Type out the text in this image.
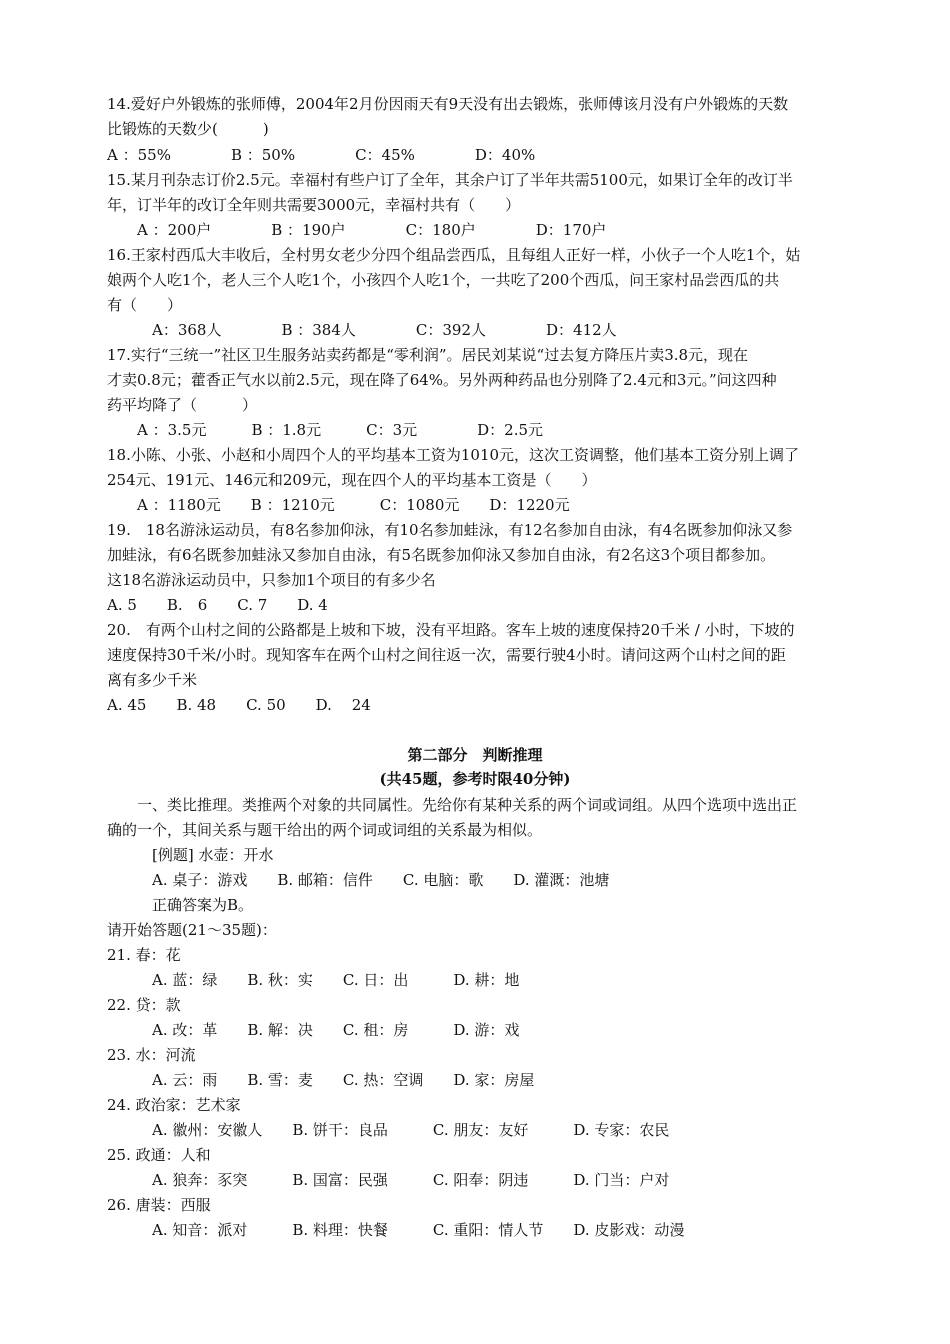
14.爱好户外锻炼的张师傅，2004年2月份因雨天有9天没有出去锻炼，张师傅该月没有户外锻炼的天数
比锻炼的天数少(　　　)
A ：55%　　　　B ：50%　　　　C：45%　　　　D：40%
15.某月刊杂志订价2.5元。幸福村有些户订了全年，其余户订了半年共需5100元，如果订全年的改订半
年，订半年的改订全年则共需要3000元，幸福村共有（　　）
　　A ：200户　　　　B ：190户　　　　C：180户　　　　D：170户
16.王家村西瓜大丰收后，全村男女老少分四个组品尝西瓜，且每组人正好一样，小伙子一个人吃1个，姑
娘两个人吃1个，老人三个人吃1个，小孩四个人吃1个，一共吃了200个西瓜，问王家村品尝西瓜的共
有（　　）
　　　A：368人　　　　B ：384人　　　　C：392人　　　　D：412人
17.实行“三统一”社区卫生服务站卖药都是“零利润”。居民刘某说“过去复方降压片卖3.8元，现在
才卖0.8元；藿香正气水以前2.5元，现在降了64%。另外两种药品也分别降了2.4元和3元。”问这四种
药平均降了（　　　）
　　A ：3.5元　　　B ：1.8元　　　C：3元　　　　D：2.5元
18.小陈、小张、小赵和小周四个人的平均基本工资为1010元，这次工资调整，他们基本工资分别上调了
254元、191元、146元和209元，现在四个人的平均基本工资是（　　）
　　A ：1180元　　B ：1210元　　　C：1080元　　D：1220元
19.　18名游泳运动员，有8名参加仰泳，有10名参加蛙泳，有12名参加自由泳，有4名既参加仰泳又参
加蛙泳，有6名既参加蛙泳又参加自由泳，有5名既参加仰泳又参加自由泳，有2名这3个项目都参加。
这18名游泳运动员中，只参加1个项目的有多少名
A. 5　　B.　6　　C. 7　　D. 4
20.　有两个山村之间的公路都是上坡和下坡，没有平坦路。客车上坡的速度保持20千米 / 小时，下坡的
速度保持30千米/小时。现知客车在两个山村之间往返一次，需要行驶4小时。请问这两个山村之间的距
离有多少千米
A. 45　　B. 48　　C. 50　　D.　 24
第二部分　判断推理
(共45题，参考时限40分钟)
　　一、类比推理。类推两个对象的共同属性。先给你有某种关系的两个词或词组。从四个选项中选出正
确的一个，其间关系与题干给出的两个词或词组的关系最为相似。
　　　[例题] 水壶：开水
　　　A. 桌子：游戏　　B. 邮箱：信件　　C. 电脑：歌　　D. 灌溉：池塘
　　　正确答案为B。
请开始答题(21～35题)：
21. 春：花
　　　A. 蓝：绿　　B. 秋：实　　C. 日：出　　　D. 耕：地
22. 贷：款
　　　A. 改：革　　B. 解：决　　C. 租：房　　　D. 游：戏
23. 水：河流
　　　A. 云：雨　　B. 雪：麦　　C. 热：空调　　D. 家：房屋
24. 政治家：艺术家
　　　A. 徽州：安徽人　　B. 饼干：良品　　　C. 朋友：友好　　　D. 专家：农民
25. 政通：人和
　　　A. 狼奔：豕突　　　B. 国富：民强　　　C. 阳奉：阴违　　　D. 门当：户对
26. 唐装：西服
　　　A. 知音：派对　　　B. 料理：快餐　　　C. 重阳：情人节　　D. 皮影戏：动漫
